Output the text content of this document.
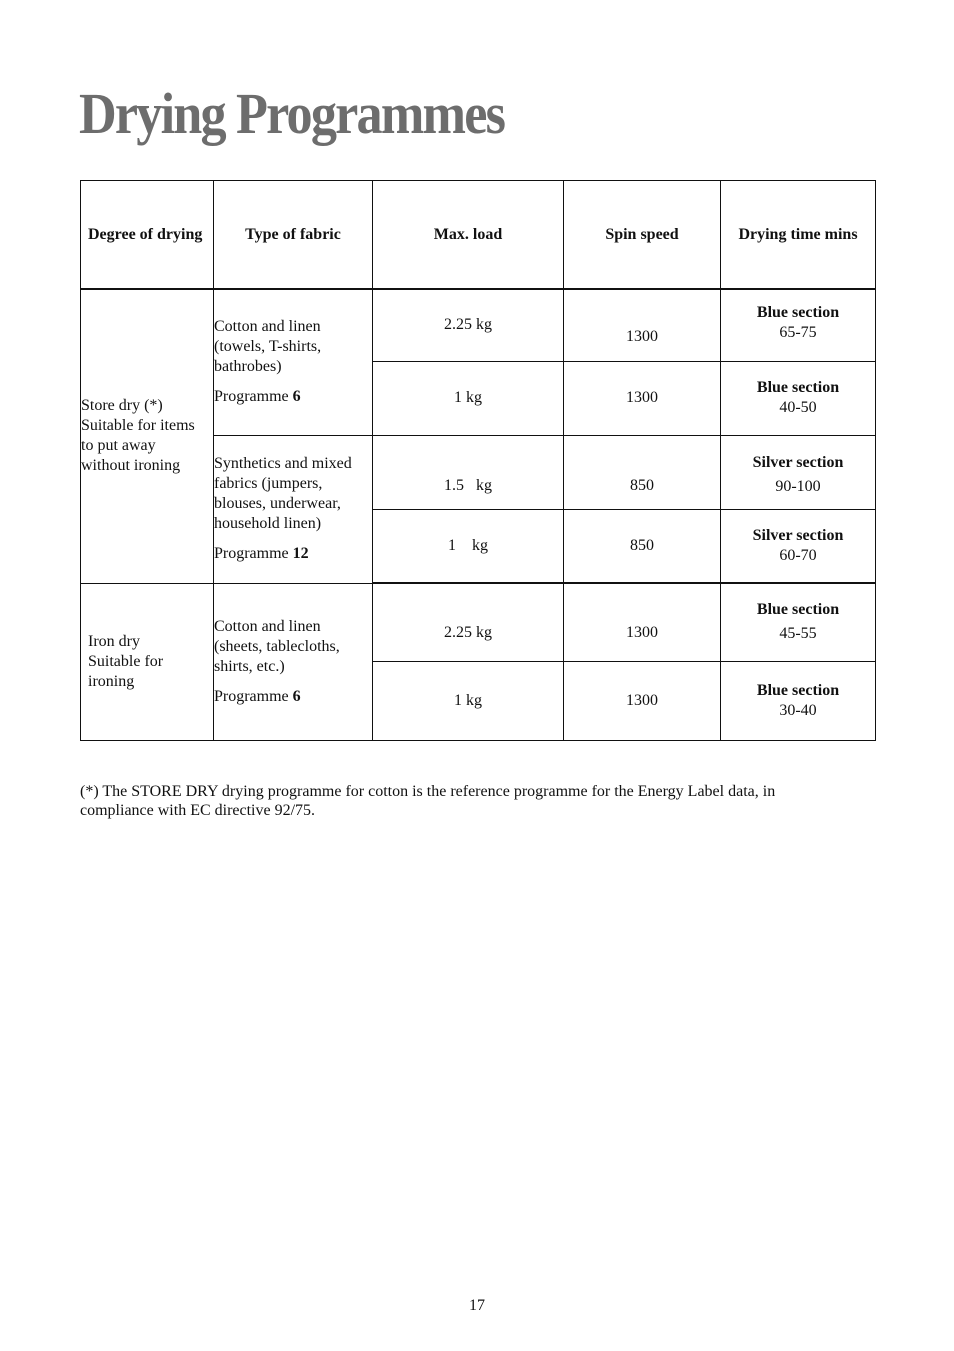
Drying Programmes
Degree of drying	Type of fabric	Max. load	Spin speed	Drying time mins
Store dry (*)
Suitable for items
to put away
without ironing	Cotton and linen
(towels, T-shirts,
bathrobes)
Programme 6	2.25 kg	1300	Blue section
65-75
		1 kg	1300	Blue section
40-50
	Synthetics and mixed
fabrics (jumpers,
blouses, underwear,
household linen)
Programme 12	1.5   kg	850	Silver section
90-100
		1    kg	850	Silver section
60-70
Iron dry
Suitable for
ironing	Cotton and linen
(sheets, tablecloths,
shirts, etc.)
Programme 6	2.25 kg	1300	Blue section
45-55
		1 kg	1300	Blue section
30-40

(*) The STORE DRY drying programme for cotton is the reference programme for the Energy Label data, in compliance with EC directive 92/75.

17
